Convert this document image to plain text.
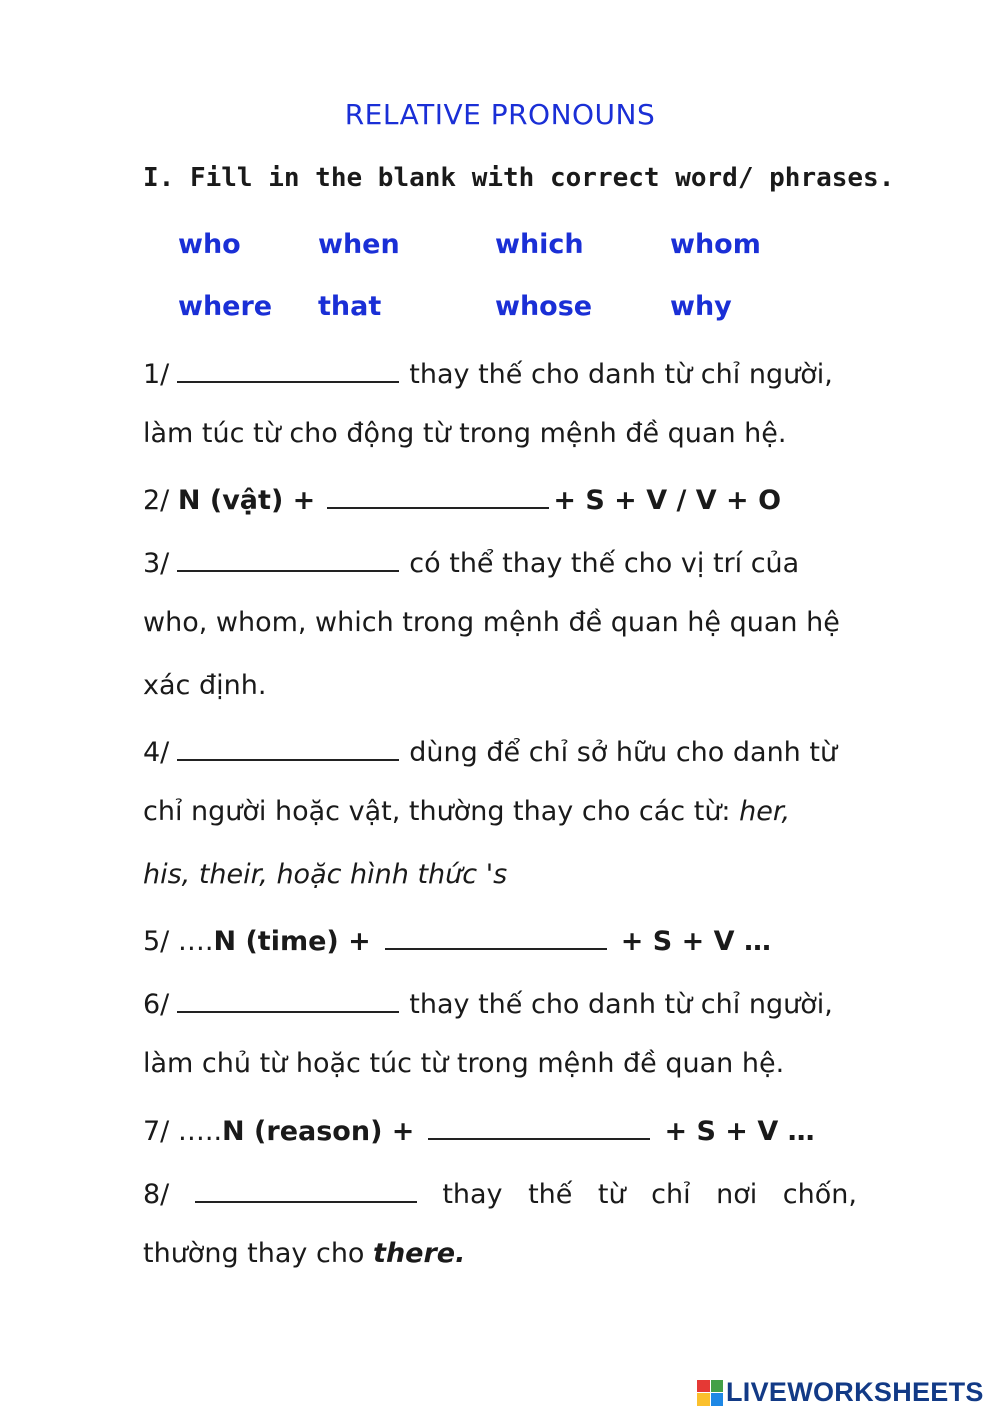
RELATIVE PRONOUNS
I. Fill in the blank with correct word/ phrases.
who	when	which	whom
where that	whose	why
1/	thay thế cho danh từ chỉ người,
làm túc từ cho động từ trong mệnh đề quan hệ.
2/ N (vật) +	+ S + V / V + O
3/	có thể thay thế cho vị trí của
who, whom, which trong mệnh đề quan hệ quan hệ
xác định.
4/	dùng để chỉ sở hữu cho danh từ
chỉ người hoặc vật, thường thay cho các từ: her,
his, their, hoặc hình thức 's
5/ ….N (time) +	+ S + V …
6/	thay thế cho danh từ chỉ người,
làm chủ từ hoặc túc từ trong mệnh đề quan hệ.
7/ …..N (reason) +	+ S + V …
8/	thay thế từ chỉ nơi chốn,
thường thay cho there.
LIVEWORKSHEETS
